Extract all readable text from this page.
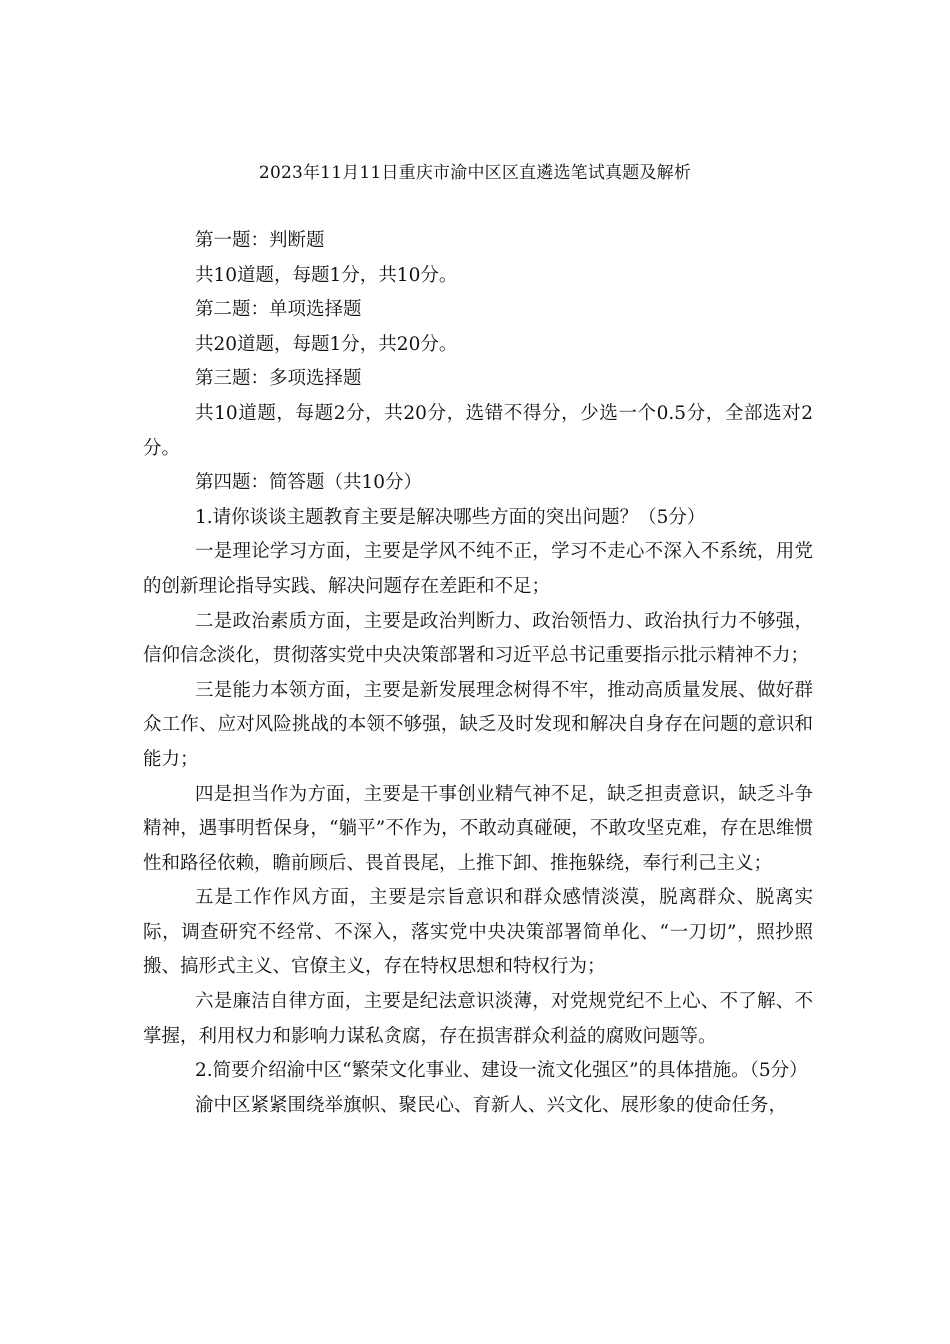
2023年11月11日重庆市渝中区区直遴选笔试真题及解析

第一题：判断题

共10道题，每题1分，共10分。

第二题：单项选择题

共20道题，每题1分，共20分。

第三题：多项选择题

共10道题，每题2分，共20分，选错不得分，少选一个0.5分，全部选对2分。

第四题：简答题（共10分）

1.请你谈谈主题教育主要是解决哪些方面的突出问题？（5分）

一是理论学习方面，主要是学风不纯不正，学习不走心不深入不系统，用党的创新理论指导实践、解决问题存在差距和不足；

二是政治素质方面，主要是政治判断力、政治领悟力、政治执行力不够强，信仰信念淡化，贯彻落实党中央决策部署和习近平总书记重要指示批示精神不力；

三是能力本领方面，主要是新发展理念树得不牢，推动高质量发展、做好群众工作、应对风险挑战的本领不够强，缺乏及时发现和解决自身存在问题的意识和能力；

四是担当作为方面，主要是干事创业精气神不足，缺乏担责意识，缺乏斗争精神，遇事明哲保身，“躺平”不作为，不敢动真碰硬，不敢攻坚克难，存在思维惯性和路径依赖，瞻前顾后、畏首畏尾，上推下卸、推拖躲绕，奉行利己主义；

五是工作作风方面，主要是宗旨意识和群众感情淡漠，脱离群众、脱离实际，调查研究不经常、不深入，落实党中央决策部署简单化、“一刀切”，照抄照搬、搞形式主义、官僚主义，存在特权思想和特权行为；

六是廉洁自律方面，主要是纪法意识淡薄，对党规党纪不上心、不了解、不掌握，利用权力和影响力谋私贪腐，存在损害群众利益的腐败问题等。

2.简要介绍渝中区“繁荣文化事业、建设一流文化强区”的具体措施。（5分）

渝中区紧紧围绕举旗帜、聚民心、育新人、兴文化、展形象的使命任务，
